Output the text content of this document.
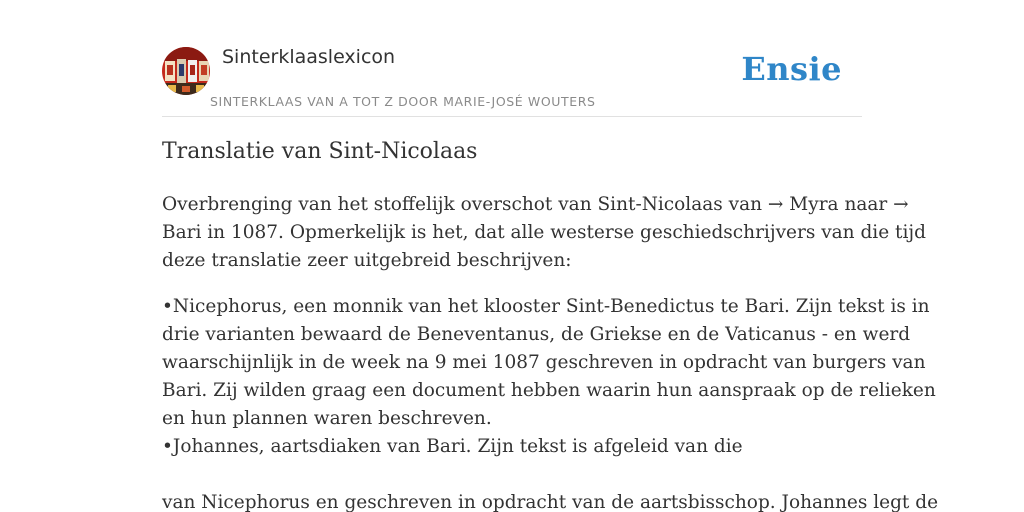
Sinterklaaslexicon
SINTERKLAAS VAN A TOT Z DOOR MARIE-JOSÉ WOUTERS
Ensie
Translatie van Sint-Nicolaas

Overbrenging van het stoffelijk overschot van Sint-Nicolaas van → Myra naar →
Bari in 1087. Opmerkelijk is het, dat alle westerse geschiedschrijvers van die tijd
deze translatie zeer uitgebreid beschrijven:

•Nicephorus, een monnik van het klooster Sint-Benedictus te Bari. Zijn tekst is in
drie varianten bewaard de Beneventanus, de Griekse en de Vaticanus - en werd
waarschijnlijk in de week na 9 mei 1087 geschreven in opdracht van burgers van
Bari. Zij wilden graag een document hebben waarin hun aanspraak op de relieken
en hun plannen waren beschreven.
•Johannes, aartsdiaken van Bari. Zijn tekst is afgeleid van die
van Nicephorus en geschreven in opdracht van de aartsbisschop. Johannes legt de
